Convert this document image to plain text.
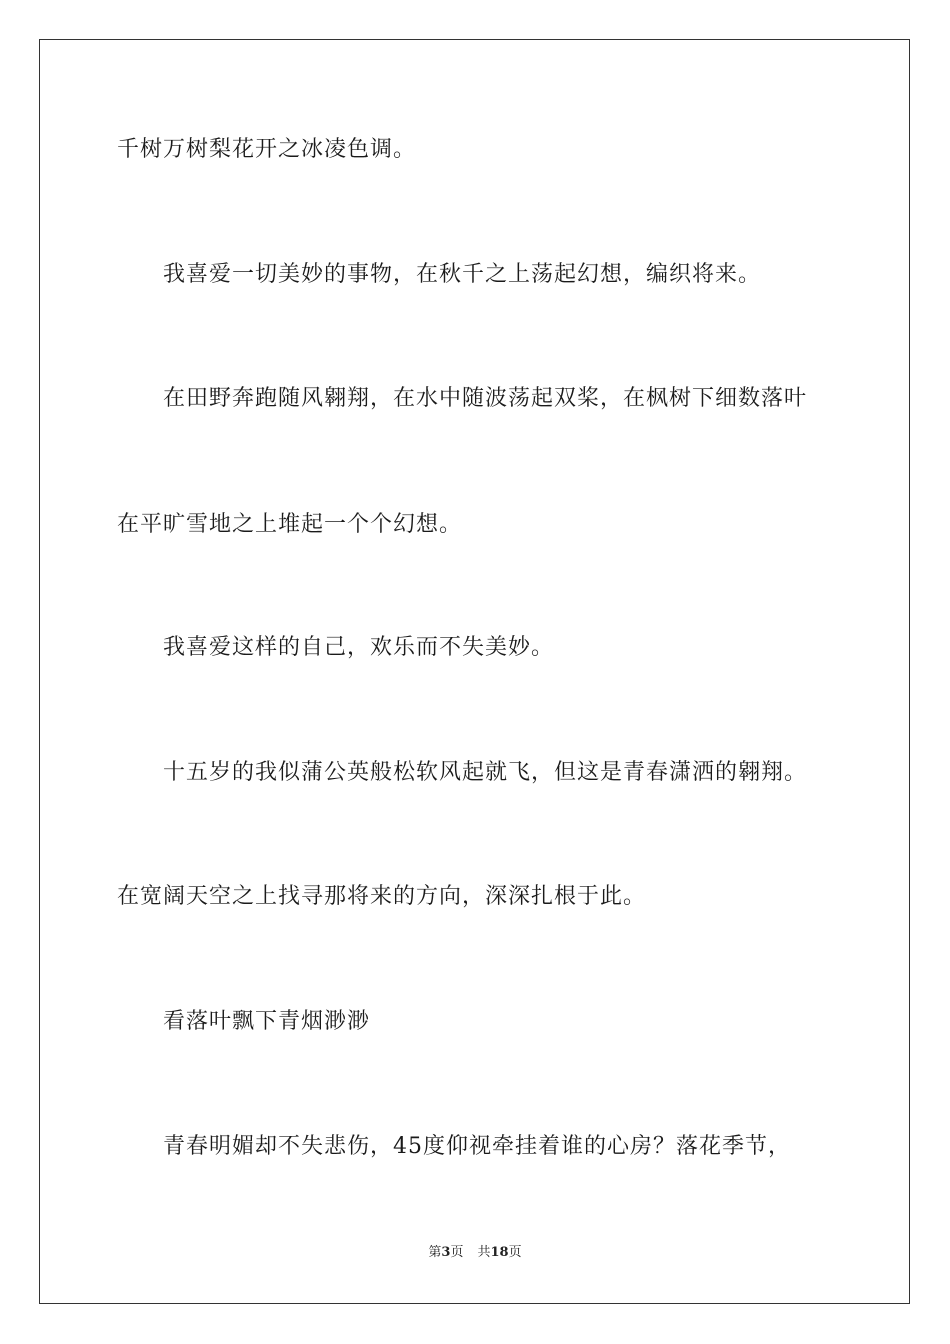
千树万树梨花开之冰凌色调。
我喜爱一切美妙的事物，在秋千之上荡起幻想，编织将来。
在田野奔跑随风翱翔，在水中随波荡起双桨，在枫树下细数落叶
在平旷雪地之上堆起一个个幻想。
我喜爱这样的自己，欢乐而不失美妙。
十五岁的我似蒲公英般松软风起就飞，但这是青春潇洒的翱翔。
在宽阔天空之上找寻那将来的方向，深深扎根于此。
看落叶飘下青烟渺渺
青春明媚却不失悲伤，45度仰视牵挂着谁的心房？落花季节，
第3页 共18页
